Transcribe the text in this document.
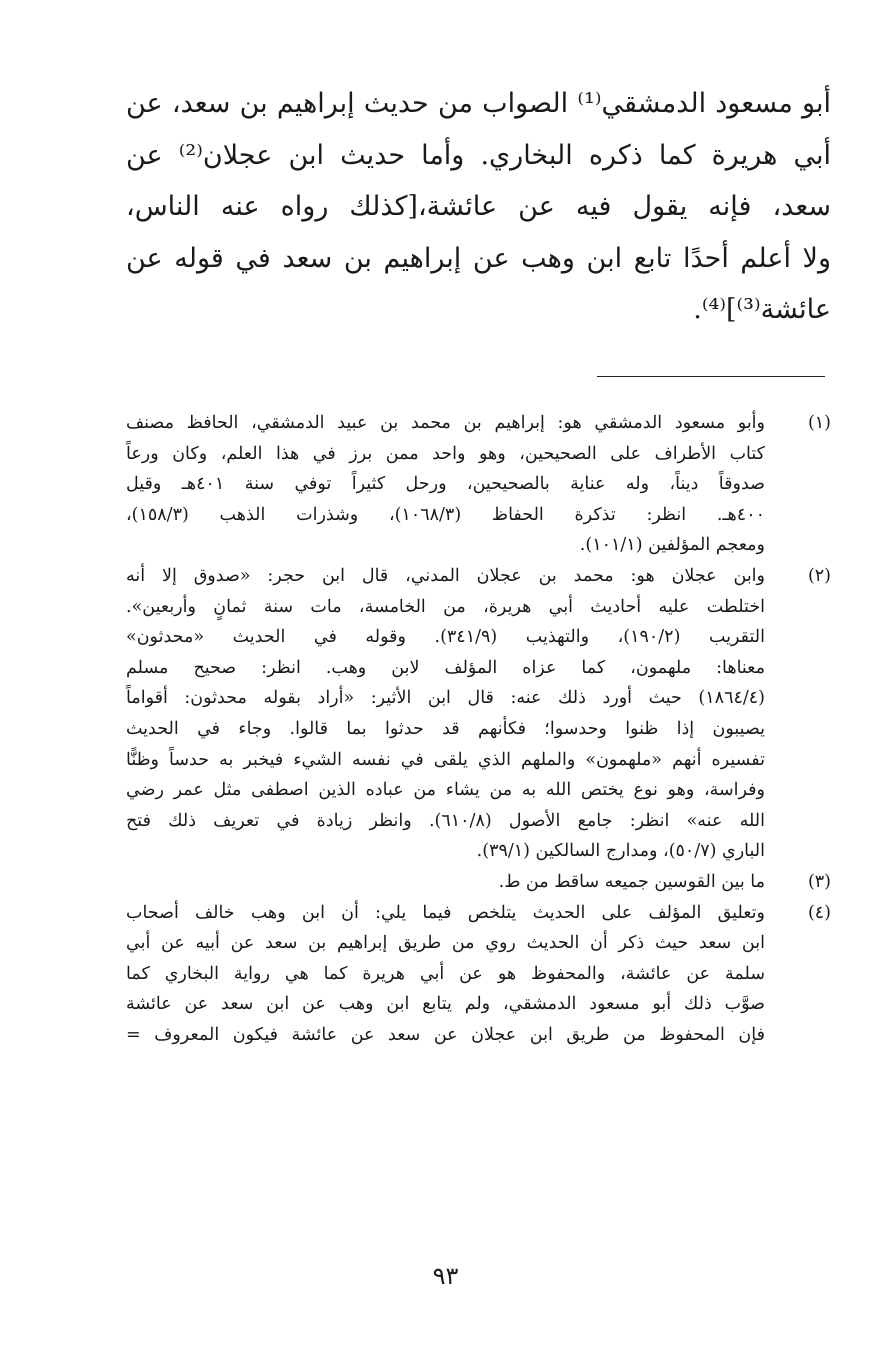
أبو مسعود الدمشقي⁽¹⁾ الصواب من حديث إبراهيم بن سعد، عن
أبي هريرة كما ذكره البخاري. وأما حديث ابن عجلان⁽²⁾ عن
سعد، فإنه يقول فيه عن عائشة،[كذلك رواه عنه الناس،
ولا أعلم أحدًا تابع ابن وهب عن إبراهيم بن سعد في قوله عن
عائشة⁽³⁾]⁽⁴⁾.
(١)
وأبو مسعود الدمشقي هو: إبراهيم بن محمد بن عبيد الدمشقي، الحافظ مصنف
كتاب الأطراف على الصحيحين، وهو واحد ممن برز في هذا العلم، وكان ورعاً
صدوقاً ديناً، وله عناية بالصحيحين، ورحل كثيراً توفي سنة ٤٠١هـ وقيل
٤٠٠هـ. انظر: تذكرة الحفاظ (١٠٦٨/٣)، وشذرات الذهب (١٥٨/٣)،
ومعجم المؤلفين (١٠١/١).
(٢)
وابن عجلان هو: محمد بن عجلان المدني، قال ابن حجر: «صدوق إلا أنه
اختلطت عليه أحاديث أبي هريرة، من الخامسة، مات سنة ثمانٍ وأربعين».
التقريب (١٩٠/٢)، والتهذيب (٣٤١/٩). وقوله في الحديث «محدثون»
معناها: ملهمون، كما عزاه المؤلف لابن وهب. انظر: صحيح مسلم
(١٨٦٤/٤) حيث أورد ذلك عنه: قال ابن الأثير: «أراد بقوله محدثون: أقواماً
يصيبون إذا ظنوا وحدسوا؛ فكأنهم قد حدثوا بما قالوا. وجاء في الحديث
تفسيره أنهم «ملهمون» والملهم الذي يلقى في نفسه الشيء فيخبر به حدساً وظنًّا
وفراسة، وهو نوع يختص الله به من يشاء من عباده الذين اصطفى مثل عمر رضي
الله عنه» انظر: جامع الأصول (٦١٠/٨). وانظر زيادة في تعريف ذلك فتح
الباري (٥٠/٧)، ومدارج السالكين (٣٩/١).
(٣)
ما بين القوسين جميعه ساقط من ط.
(٤)
وتعليق المؤلف على الحديث يتلخص فيما يلي: أن ابن وهب خالف أصحاب
ابن سعد حيث ذكر أن الحديث روي من طريق إبراهيم بن سعد عن أبيه عن أبي
سلمة عن عائشة، والمحفوظ هو عن أبي هريرة كما هي رواية البخاري كما
صوَّب ذلك أبو مسعود الدمشقي، ولم يتابع ابن وهب عن ابن سعد عن عائشة
فإن المحفوظ من طريق ابن عجلان عن سعد عن عائشة فيكون المعروف =
٩٣
